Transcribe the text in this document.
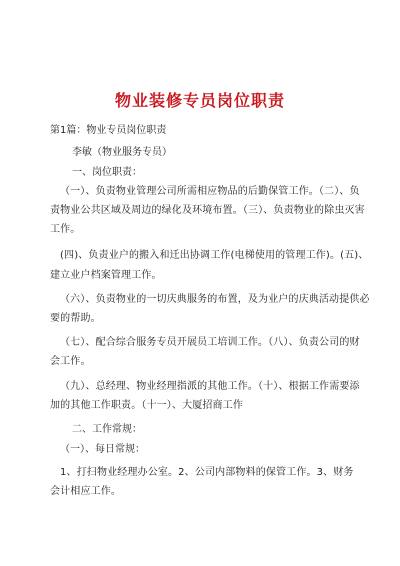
物业装修专员岗位职责
第1篇：物业专员岗位职责
李敏（物业服务专员）
一、岗位职责：
（一）、负责物业管理公司所需相应物品的后勤保管工作。（二）、负
责物业公共区域及周边的绿化及环境布置。（三）、负责物业的除虫灭害
工作。
(四)、负责业户的搬入和迁出协调工作(电梯使用的管理工作)。(五)、
建立业户档案管理工作。
（六）、负责物业的一切庆典服务的布置，及为业户的庆典活动提供必
要的帮助。
（七）、配合综合服务专员开展员工培训工作。（八）、负责公司的财
会工作。
（九）、总经理、物业经理指派的其他工作。（十）、根据工作需要添
加的其他工作职责。（十一）、大厦招商工作
二、工作常规：
（一）、每日常规：
1、打扫物业经理办公室。2、公司内部物料的保管工作。3、财务
会计相应工作。
